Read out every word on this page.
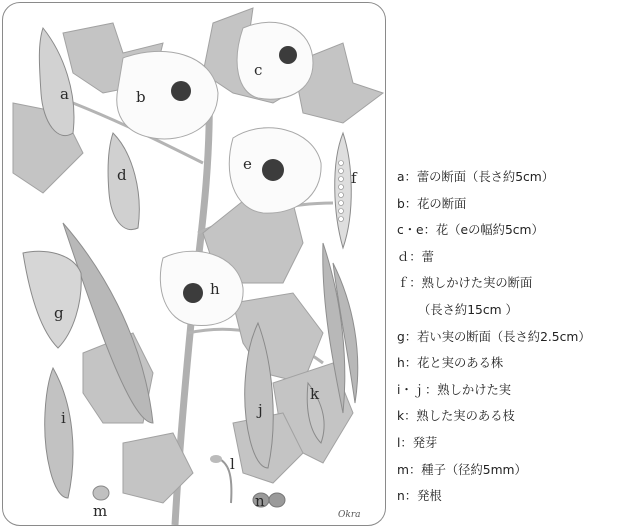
a	b
c
d
e
f
g
h
i	j
k
l
m
n
Okra
a：蕾の断面（長さ約5cm）
b：花の断面
c・e：花（eの幅約5cm）
ｄ：蕾
ｆ：熟しかけた実の断面
（長さ約15cm ）
g：若い実の断面（長さ約2.5cm）
h：花と実のある株
i・ｊ：熟しかけた実
k：熟した実のある枝
l：発芽
m：種子（径約5mm）
n：発根
